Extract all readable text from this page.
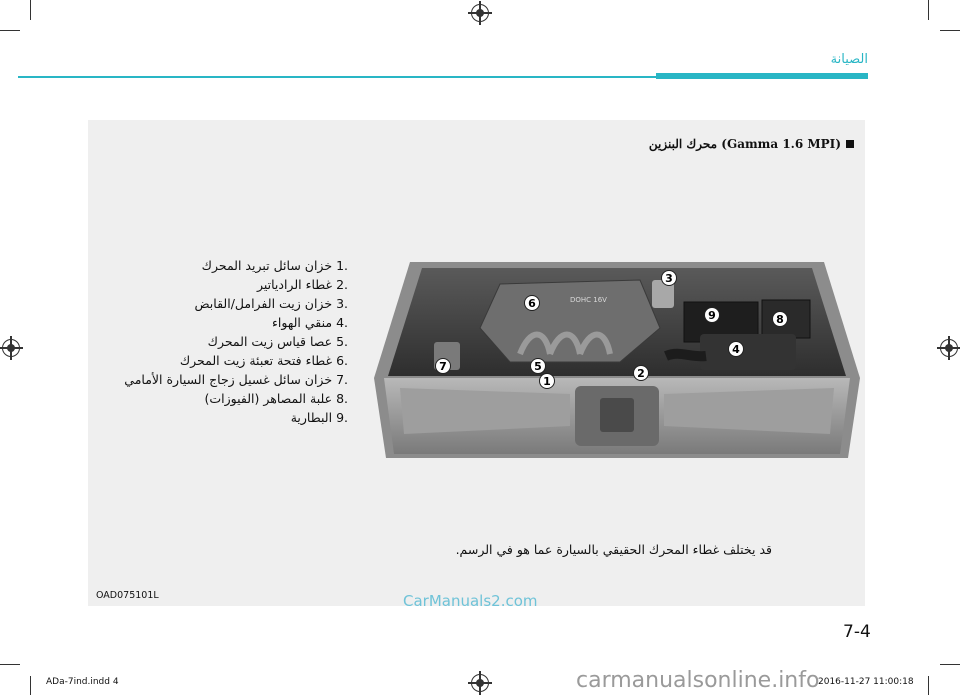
الصيانة
(Gamma 1.6 MPI) محرك البنزين
.1خزان سائل تبريد المحرك
.2غطاء الرادياتير
.3خزان زيت الفرامل/القابض
.4منقي الهواء
.5عصا قياس زيت المحرك
.6غطاء فتحة تعبئة زيت المحرك
.7خزان سائل غسيل زجاج السيارة الأمامي
.8علبة المصاهر (الفيوزات)
.9البطارية
DOHC 16V
1
2
3
4
5
6
7
8
9
قد يختلف غطاء المحرك الحقيقي بالسيارة عما هو في الرسم.
OAD075101L	CarManuals2.com
7-4
ADa-7ind.indd 4	carmanualsonline.info
2016-11-27 11:00:18
